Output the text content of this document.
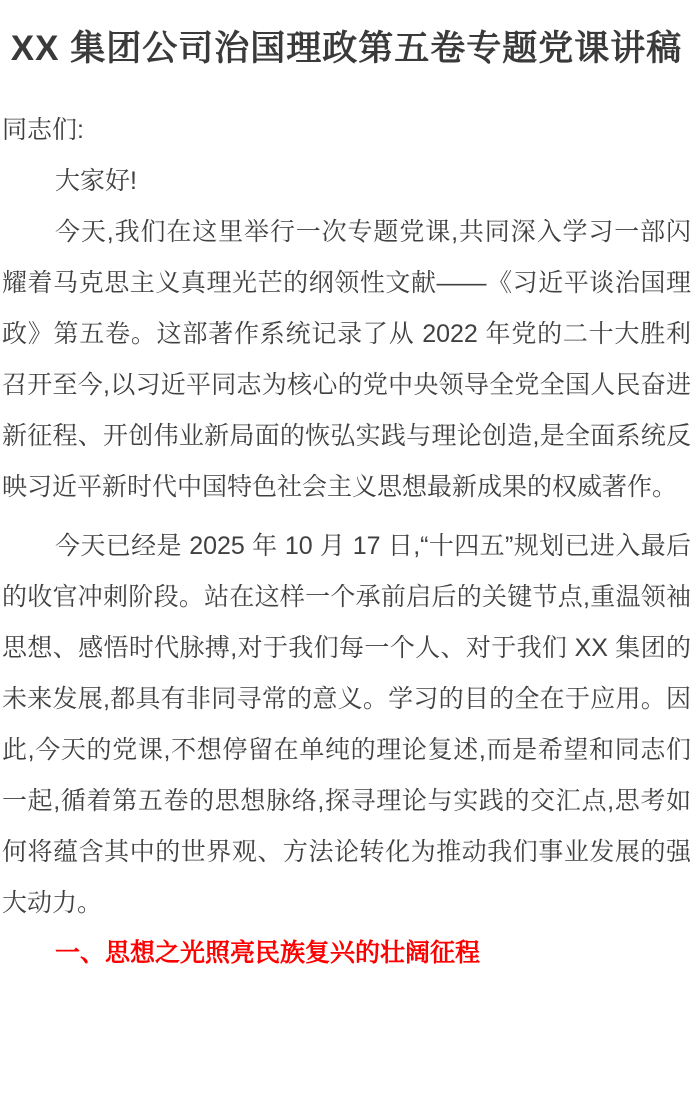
XX 集团公司治国理政第五卷专题党课讲稿

同志们:

大家好!

今天,我们在这里举行一次专题党课,共同深入学习一部闪耀着马克思主义真理光芒的纲领性文献——《习近平谈治国理政》第五卷。这部著作系统记录了从 2022 年党的二十大胜利召开至今,以习近平同志为核心的党中央领导全党全国人民奋进新征程、开创伟业新局面的恢弘实践与理论创造,是全面系统反映习近平新时代中国特色社会主义思想最新成果的权威著作。

今天已经是 2025 年 10 月 17 日,“十四五”规划已进入最后的收官冲刺阶段。站在这样一个承前启后的关键节点,重温领袖思想、感悟时代脉搏,对于我们每一个人、对于我们 XX 集团的未来发展,都具有非同寻常的意义。学习的目的全在于应用。因此,今天的党课,不想停留在单纯的理论复述,而是希望和同志们一起,循着第五卷的思想脉络,探寻理论与实践的交汇点,思考如何将蕴含其中的世界观、方法论转化为推动我们事业发展的强大动力。

一、思想之光照亮民族复兴的壮阔征程
